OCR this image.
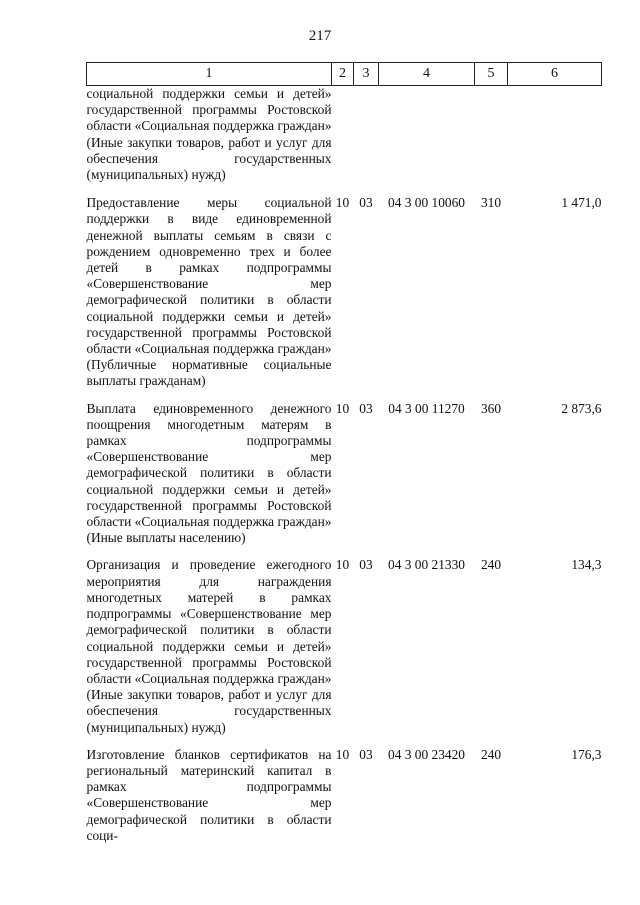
217
1	2	3	4	5	6
социальной поддержки семьи и детей» государственной программы Ростовской области «Социальная поддержка граждан» (Иные закупки товаров, работ и услуг для обеспечения государственных (муниципальных) нужд)					
Предоставление меры социальной поддержки в виде единовременной денежной выплаты семьям в связи с рождением одновременно трех и более детей в рамках подпрограммы «Совершенствование мер демографической политики в области социальной поддержки семьи и детей» государственной программы Ростовской области «Социальная поддержка граждан» (Публичные нормативные социальные выплаты гражданам)	10	03	04 3 00 10060	310	1 471,0
Выплата единовременного денежного поощрения многодетным матерям в рамках подпрограммы «Совершенствование мер демографической политики в области социальной поддержки семьи и детей» государственной программы Ростовской области «Социальная поддержка граждан» (Иные выплаты населению)	10	03	04 3 00 11270	360	2 873,6
Организация и проведение ежегодного мероприятия для награждения многодетных матерей в рамках подпрограммы «Совершенствование мер демографической политики в области социальной поддержки семьи и детей» государственной программы Ростовской области «Социальная поддержка граждан» (Иные закупки товаров, работ и услуг для обеспечения государственных (муниципальных) нужд)	10	03	04 3 00 21330	240	134,3
Изготовление бланков сертификатов на региональный материнский капитал в рамках подпрограммы «Совершенствование мер демографической политики в области соци-	10	03	04 3 00 23420	240	176,3
